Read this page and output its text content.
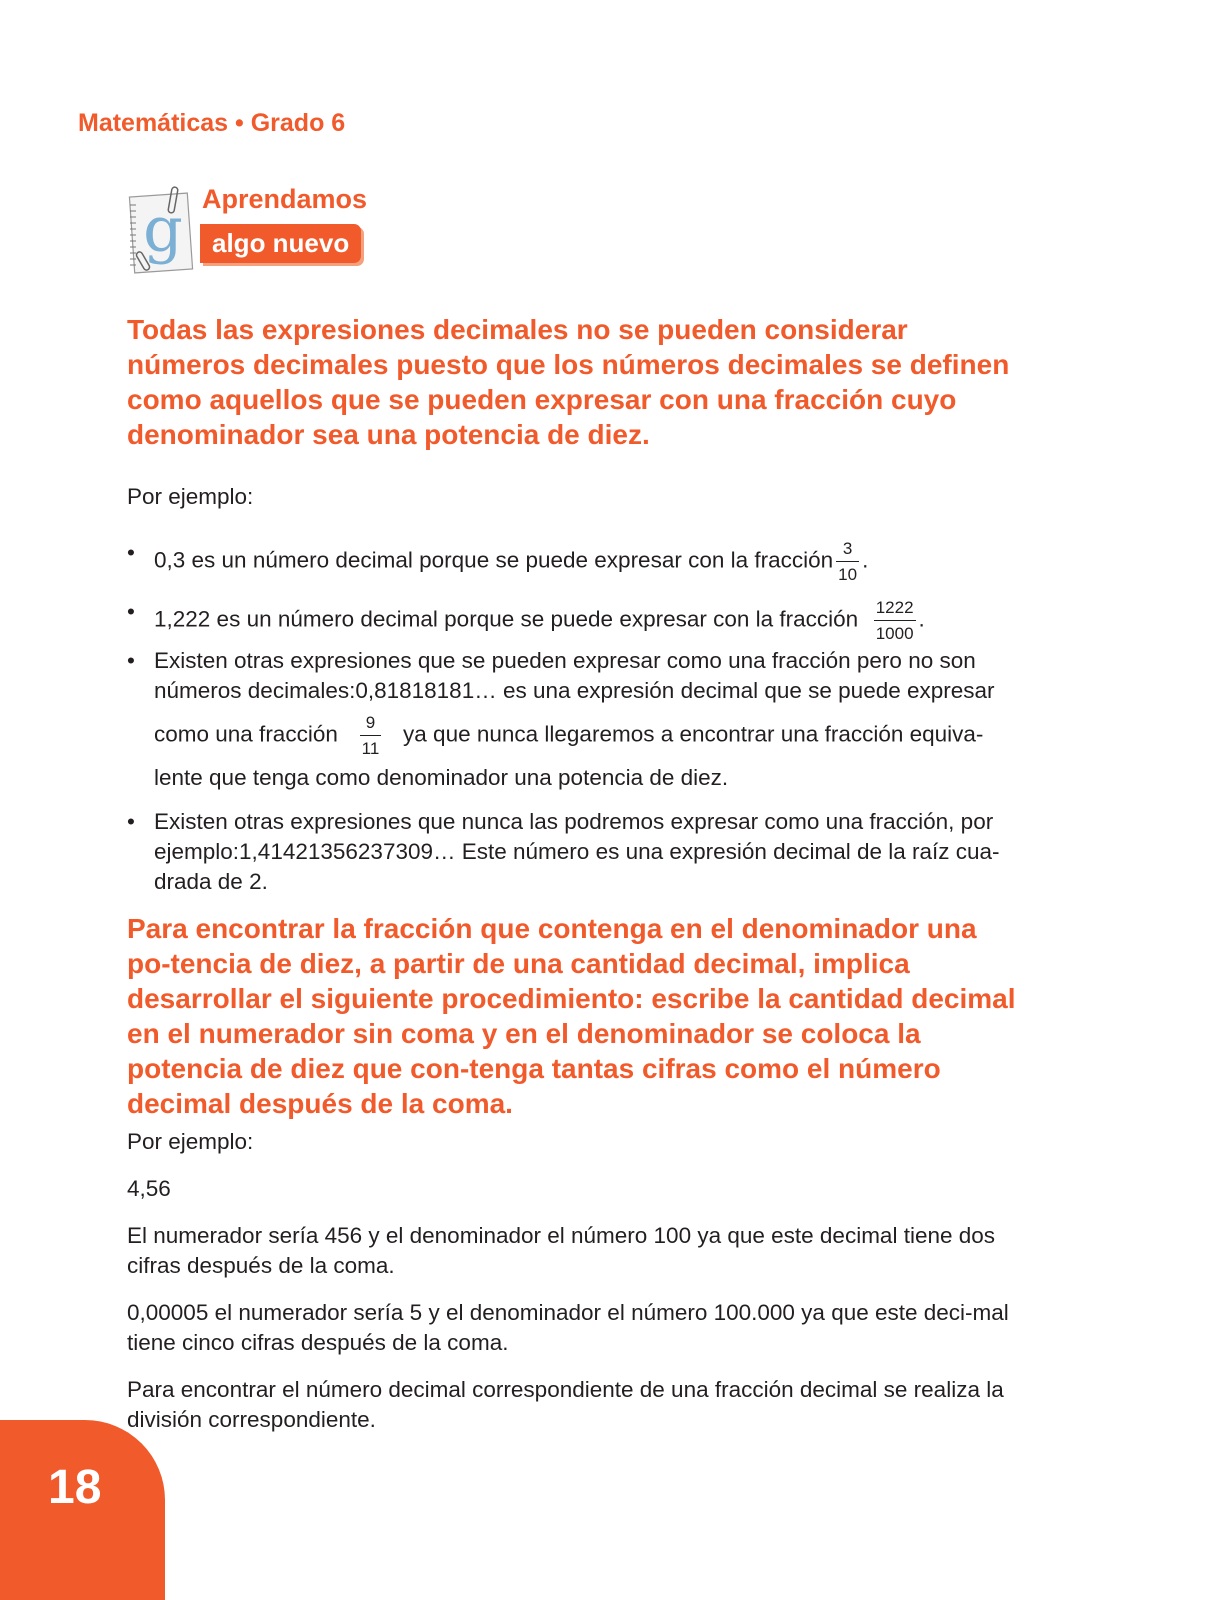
Matemáticas • Grado 6
g Aprendamos
algo nuevo

Todas las expresiones decimales no se pueden considerar números decimales puesto que los números decimales se definen como aquellos que se pueden expresar con una fracción cuyo denominador sea una potencia de diez.

Por ejemplo:

• 0,3 es un número decimal porque se puede expresar con la fracción $\frac{3}{10}$ .
• 1,222 es un número decimal porque se puede expresar con la fracción $\frac{1222}{1000}$ .
• Existen otras expresiones que se pueden expresar como una fracción pero no son números decimales:0,81818181… es una expresión decimal que se puede expresar
como una fracción $\frac{9}{11}$ ya que nunca llegaremos a encontrar una fracción equiva-
lente que tenga como denominador una potencia de diez.
• Existen otras expresiones que nunca las podremos expresar como una fracción, por ejemplo:1,41421356237309… Este número es una expresión decimal de la raíz cua-drada de 2.

Para encontrar la fracción que contenga en el denominador una po-tencia de diez, a partir de una cantidad decimal, implica desarrollar el siguiente procedimiento: escribe la cantidad decimal en el numerador sin coma y en el denominador se coloca la potencia de diez que con-tenga tantas cifras como el número decimal después de la coma.

Por ejemplo:

4,56

El numerador sería 456 y el denominador el número 100 ya que este decimal tiene dos cifras después de la coma.

0,00005 el numerador sería 5 y el denominador el número 100.000 ya que este deci-mal tiene cinco cifras después de la coma.

Para encontrar el número decimal correspondiente de una fracción decimal se realiza la división correspondiente.

18
